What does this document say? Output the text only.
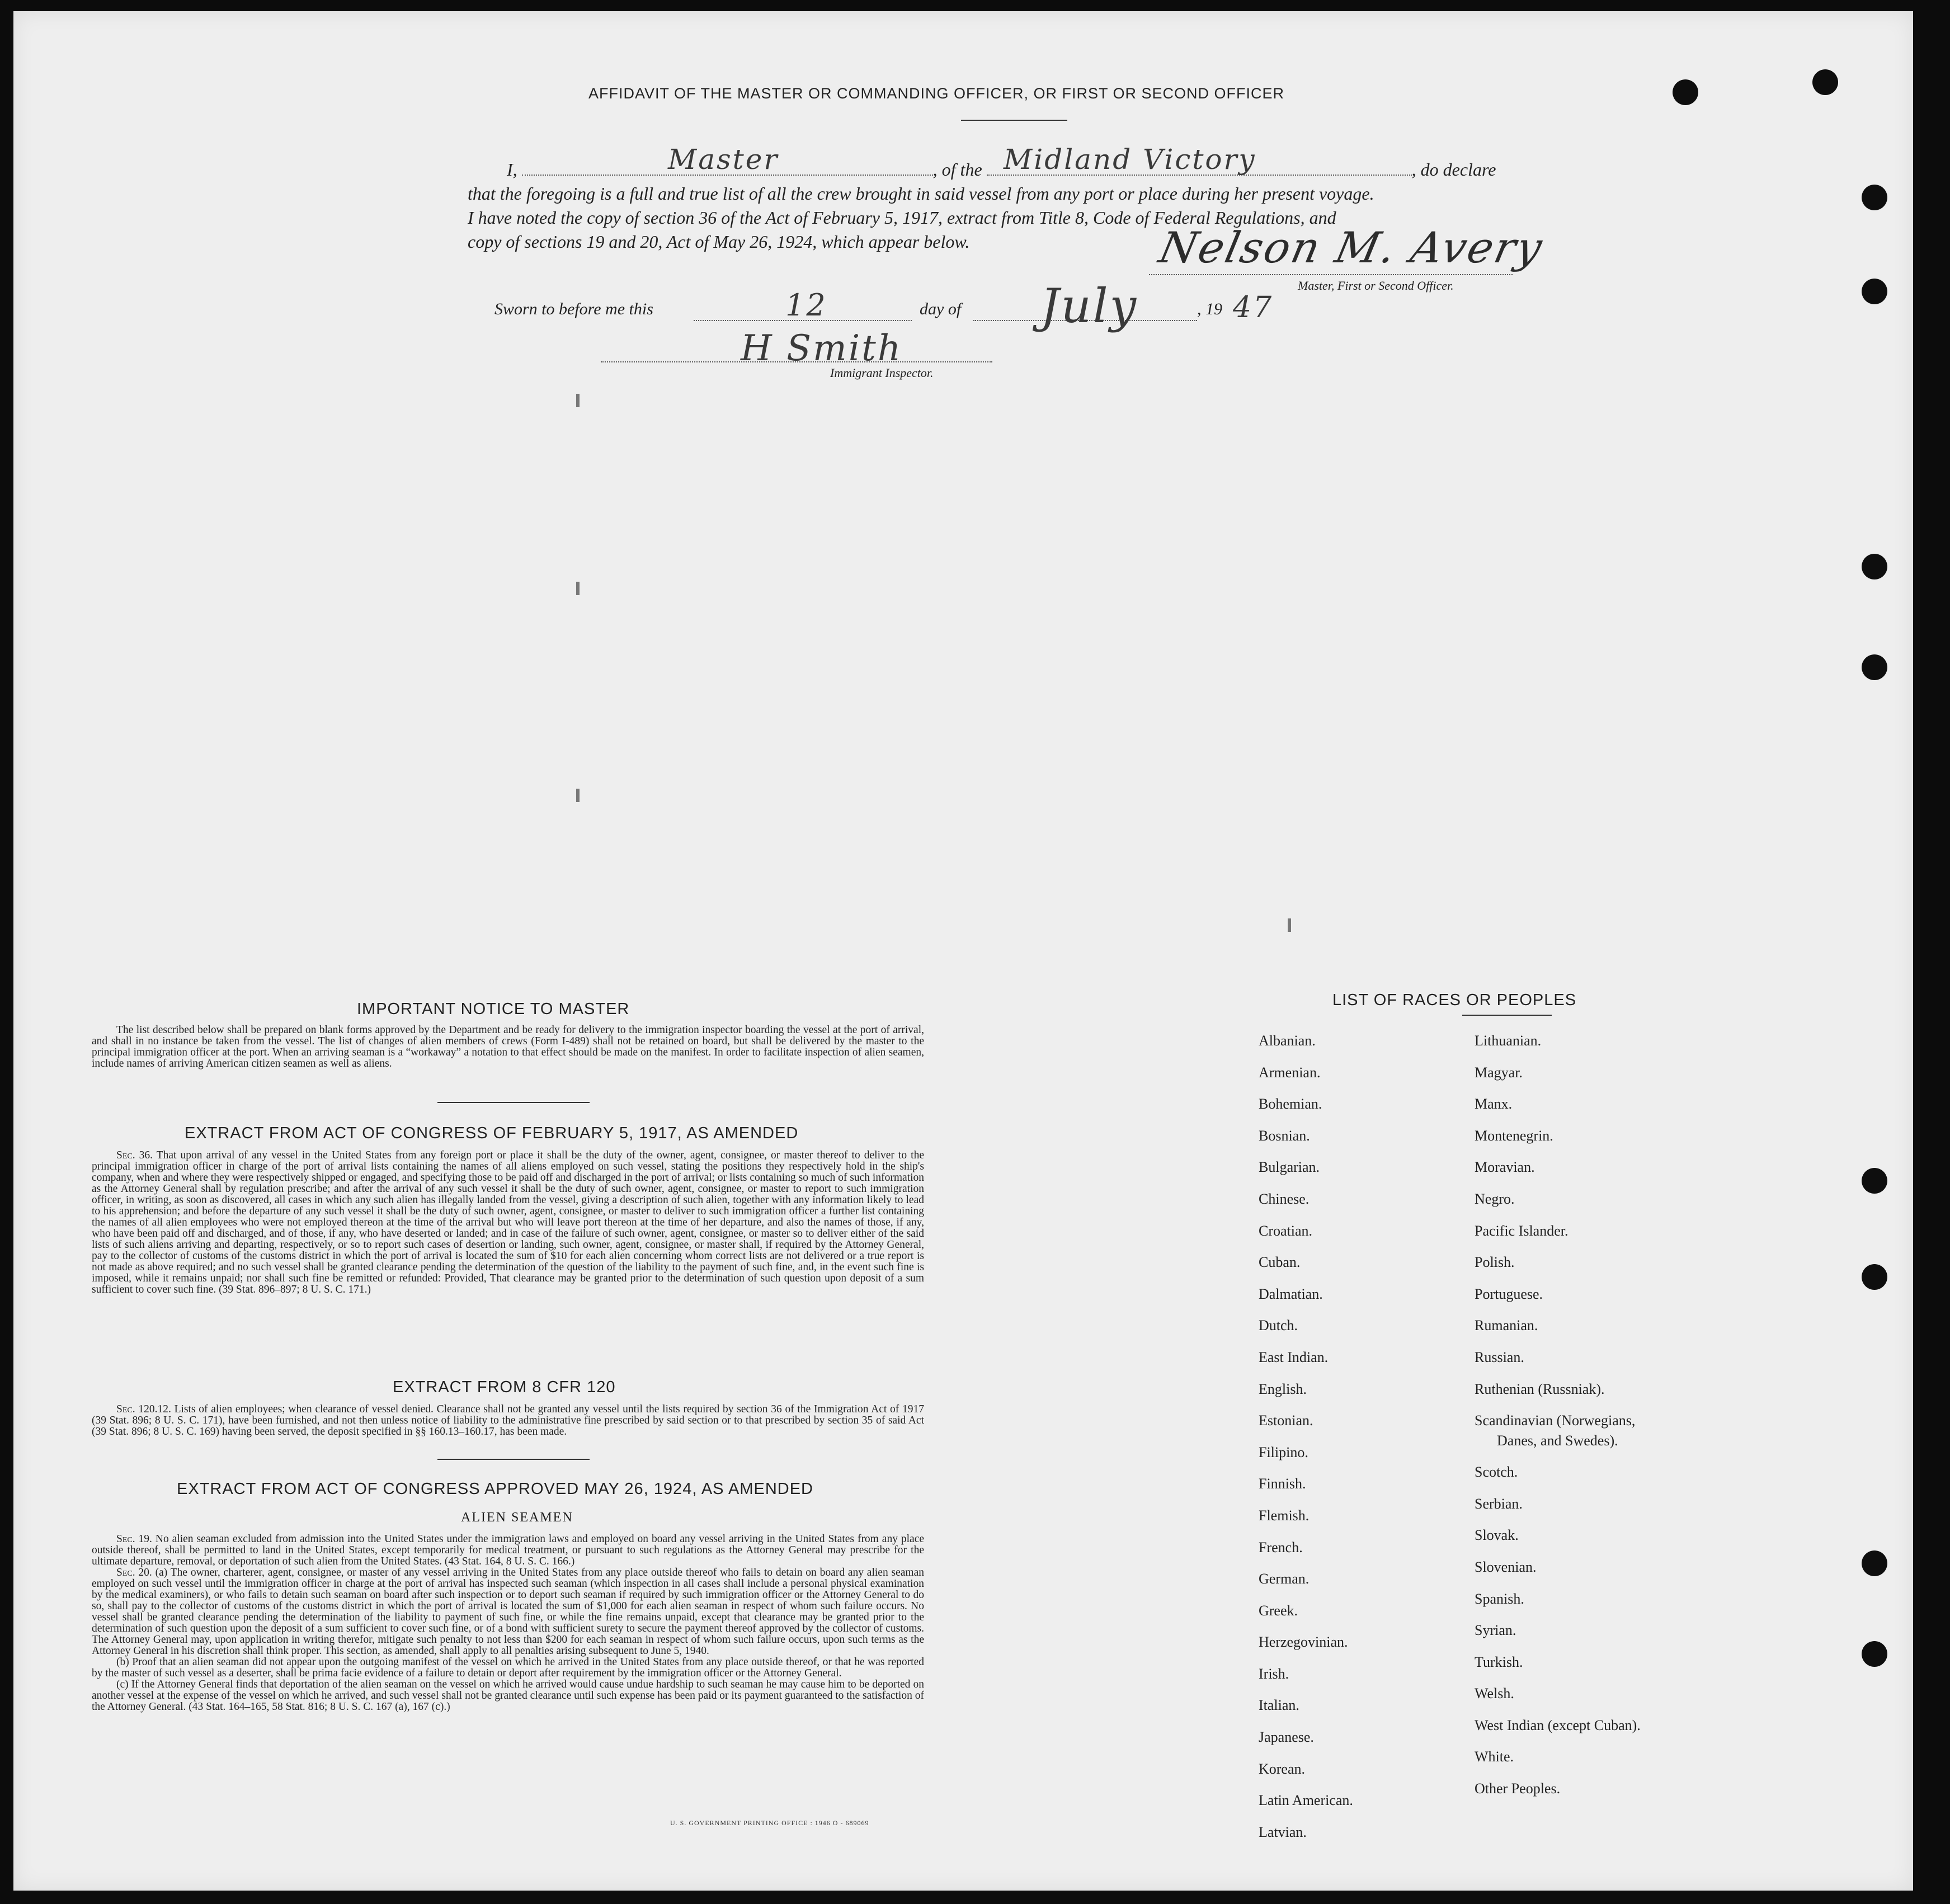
AFFIDAVIT OF THE MASTER OR COMMANDING OFFICER, OR FIRST OR SECOND OFFICER
I,	, of the	, do declare
that the foregoing is a full and true list of all the crew brought in said vessel from any port or place during her present voyage.
I have noted the copy of section 36 of the Act of February 5, 1917, extract from Title 8, Code of Federal Regulations, and
copy of sections 19 and 20, Act of May 26, 1924, which appear below.
Master	Midland Victory
Nelson M. Avery
Master, First or Second Officer.
Sworn to before me this	12	day of July	, 19 47
H Smith
Immigrant Inspector.
IMPORTANT NOTICE TO MASTER

The list described below shall be prepared on blank forms approved by the Department and be ready for delivery to the immigration inspector boarding the vessel at the port of arrival, and shall in no instance be taken from the vessel. The list of changes of alien members of crews (Form I-489) shall not be retained on board, but shall be delivered by the master to the principal immigration officer at the port. When an arriving seaman is a “workaway” a notation to that effect should be made on the manifest. In order to facilitate inspection of alien seamen, include names of arriving American citizen seamen as well as aliens.

EXTRACT FROM ACT OF CONGRESS OF FEBRUARY 5, 1917, AS AMENDED

Sec. 36. That upon arrival of any vessel in the United States from any foreign port or place it shall be the duty of the owner, agent, consignee, or master thereof to deliver to the principal immigration officer in charge of the port of arrival lists containing the names of all aliens employed on such vessel, stating the positions they respectively hold in the ship's company, when and where they were respectively shipped or engaged, and specifying those to be paid off and discharged in the port of arrival; or lists containing so much of such information as the Attorney General shall by regulation prescribe; and after the arrival of any such vessel it shall be the duty of such owner, agent, consignee, or master to report to such immigration officer, in writing, as soon as discovered, all cases in which any such alien has illegally landed from the vessel, giving a description of such alien, together with any information likely to lead to his apprehension; and before the departure of any such vessel it shall be the duty of such owner, agent, consignee, or master to deliver to such immigration officer a further list containing the names of all alien employees who were not employed thereon at the time of the arrival but who will leave port thereon at the time of her departure, and also the names of those, if any, who have been paid off and discharged, and of those, if any, who have deserted or landed; and in case of the failure of such owner, agent, consignee, or master so to deliver either of the said lists of such aliens arriving and departing, respectively, or so to report such cases of desertion or landing, such owner, agent, consignee, or master shall, if required by the Attorney General, pay to the collector of customs of the customs district in which the port of arrival is located the sum of $10 for each alien concerning whom correct lists are not delivered or a true report is not made as above required; and no such vessel shall be granted clearance pending the determination of the question of the liability to the payment of such fine, and, in the event such fine is imposed, while it remains unpaid; nor shall such fine be remitted or refunded: Provided, That clearance may be granted prior to the determination of such question upon deposit of a sum sufficient to cover such fine. (39 Stat. 896–897; 8 U. S. C. 171.)

EXTRACT FROM 8 CFR 120

Sec. 120.12. Lists of alien employees; when clearance of vessel denied. Clearance shall not be granted any vessel until the lists required by section 36 of the Immigration Act of 1917 (39 Stat. 896; 8 U. S. C. 171), have been furnished, and not then unless notice of liability to the administrative fine prescribed by said section or to that prescribed by section 35 of said Act (39 Stat. 896; 8 U. S. C. 169) having been served, the deposit specified in §§ 160.13–160.17, has been made.

EXTRACT FROM ACT OF CONGRESS APPROVED MAY 26, 1924, AS AMENDED
ALIEN SEAMEN

Sec. 19. No alien seaman excluded from admission into the United States under the immigration laws and employed on board any vessel arriving in the United States from any place outside thereof, shall be permitted to land in the United States, except temporarily for medical treatment, or pursuant to such regulations as the Attorney General may prescribe for the ultimate departure, removal, or deportation of such alien from the United States. (43 Stat. 164, 8 U. S. C. 166.)

Sec. 20. (a) The owner, charterer, agent, consignee, or master of any vessel arriving in the United States from any place outside thereof who fails to detain on board any alien seaman employed on such vessel until the immigration officer in charge at the port of arrival has inspected such seaman (which inspection in all cases shall include a personal physical examination by the medical examiners), or who fails to detain such seaman on board after such inspection or to deport such seaman if required by such immigration officer or the Attorney General to do so, shall pay to the collector of customs of the customs district in which the port of arrival is located the sum of $1,000 for each alien seaman in respect of whom such failure occurs. No vessel shall be granted clearance pending the determination of the liability to payment of such fine, or while the fine remains unpaid, except that clearance may be granted prior to the determination of such question upon the deposit of a sum sufficient to cover such fine, or of a bond with sufficient surety to secure the payment thereof approved by the collector of customs. The Attorney General may, upon application in writing therefor, mitigate such penalty to not less than $200 for each seaman in respect of whom such failure occurs, upon such terms as the Attorney General in his discretion shall think proper. This section, as amended, shall apply to all penalties arising subsequent to June 5, 1940.

(b) Proof that an alien seaman did not appear upon the outgoing manifest of the vessel on which he arrived in the United States from any place outside thereof, or that he was reported by the master of such vessel as a deserter, shall be prima facie evidence of a failure to detain or deport after requirement by the immigration officer or the Attorney General.

(c) If the Attorney General finds that deportation of the alien seaman on the vessel on which he arrived would cause undue hardship to such seaman he may cause him to be deported on another vessel at the expense of the vessel on which he arrived, and such vessel shall not be granted clearance until such expense has been paid or its payment guaranteed to the satisfaction of the Attorney General. (43 Stat. 164–165, 58 Stat. 816; 8 U. S. C. 167 (a), 167 (c).)

U. S. GOVERNMENT PRINTING OFFICE : 1946 O - 689069
LIST OF RACES OR PEOPLES
Albanian.
Armenian.
Bohemian.
Bosnian.
Bulgarian.
Chinese.
Croatian.
Cuban.
Dalmatian.
Dutch.
East Indian.
English.
Estonian.
Filipino.
Finnish.
Flemish.
French.
German.
Greek.
Herzegovinian.
Irish.
Italian.
Japanese.
Korean.
Latin American.
Latvian.
Lithuanian.
Magyar.
Manx.
Montenegrin.
Moravian.
Negro.
Pacific Islander.
Polish.
Portuguese.
Rumanian.
Russian.
Ruthenian (Russniak).
Scandinavian (Norwegians,
Danes, and Swedes).
Scotch.
Serbian.
Slovak.
Slovenian.
Spanish.
Syrian.
Turkish.
Welsh.
West Indian (except Cuban).
White.
Other Peoples.
